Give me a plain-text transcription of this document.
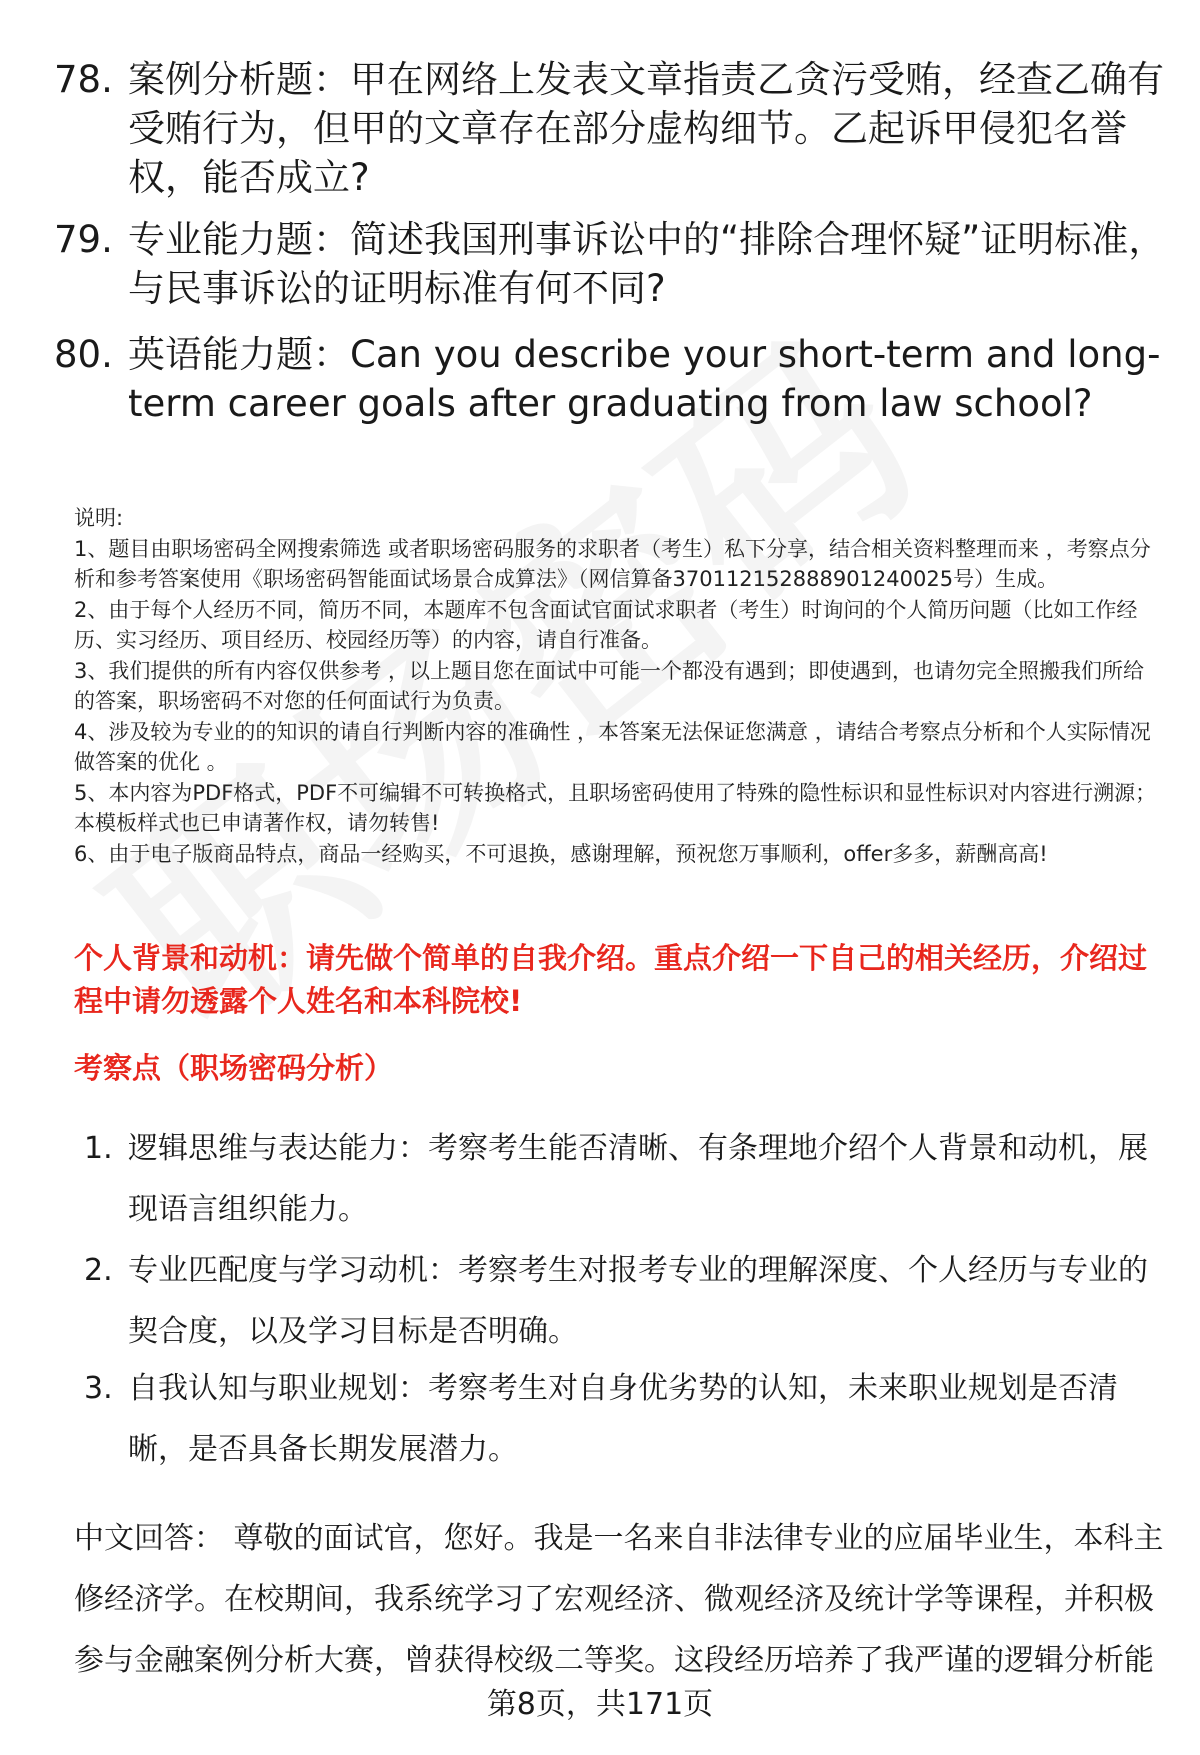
78. 案例分析题：甲在网络上发表文章指责乙贪污受贿，经查乙确有受贿行为，但甲的文章存在部分虚构细节。乙起诉甲侵犯名誉权，能否成立?
79. 专业能力题：简述我国刑事诉讼中的“排除合理怀疑”证明标准，与民事诉讼的证明标准有何不同?
80. 英语能力题：Can you describe your short-term and long-term career goals after graduating from law school?
说明:
1、题目由职场密码全网搜索筛选 或者职场密码服务的求职者（考生）私下分享，结合相关资料整理而来 ，考察点分析和参考答案使用《职场密码智能面试场景合成算法》（网信算备370112152888901240025号）生成。
2、由于每个人经历不同，简历不同，本题库不包含面试官面试求职者（考生）时询问的个人简历问题（比如工作经历、实习经历、项目经历、校园经历等）的内容，请自行准备。
3、我们提供的所有内容仅供参考 ，以上题目您在面试中可能一个都没有遇到；即使遇到，也请勿完全照搬我们所给的答案，职场密码不对您的任何面试行为负责。
4、涉及较为专业的的知识的请自行判断内容的准确性 ，本答案无法保证您满意 ，请结合考察点分析和个人实际情况做答案的优化 。
5、本内容为PDF格式，PDF不可编辑不可转换格式，且职场密码使用了特殊的隐性标识和显性标识对内容进行溯源；本模板样式也已申请著作权，请勿转售!
6、由于电子版商品特点，商品一经购买，不可退换，感谢理解，预祝您万事顺利，offer多多，薪酬高高!
个人背景和动机：请先做个简单的自我介绍。重点介绍一下自己的相关经历，介绍过程中请勿透露个人姓名和本科院校!
考察点（职场密码分析）
1. 逻辑思维与表达能力：考察考生能否清晰、有条理地介绍个人背景和动机，展现语言组织能力。
2. 专业匹配度与学习动机：考察考生对报考专业的理解深度、个人经历与专业的契合度，以及学习目标是否明确。
3. 自我认知与职业规划：考察考生对自身优劣势的认知，未来职业规划是否清晰，是否具备长期发展潜力。
中文回答： 尊敬的面试官，您好。我是一名来自非法律专业的应届毕业生，本科主修经济学。在校期间，我系统学习了宏观经济、微观经济及统计学等课程，并积极参与金融案例分析大赛，曾获得校级二等奖。这段经历培养了我严谨的逻辑分析能
第8页，共171页
